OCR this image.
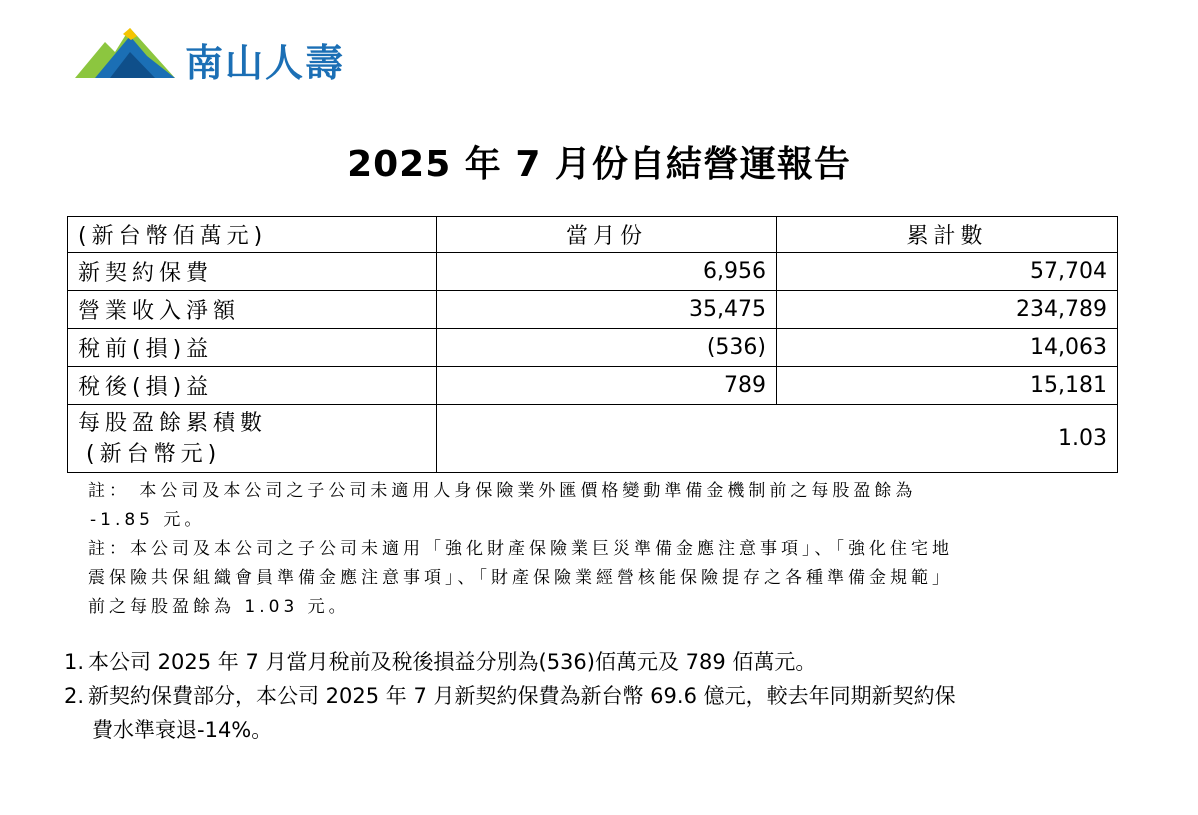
南山人壽
2025 年 7 月份自結營運報告
(新台幣佰萬元)	當月份	累計數
新契約保費	6,956	57,704
營業收入淨額	35,475	234,789
稅前(損)益	(536)	14,063
稅後(損)益	789	15,181

每股盈餘累積數
(新台幣元)	1.03	

註： 本公司及本公司之子公司未適用人身保險業外匯價格變動準備金機制前之每股盈餘為

-1.85 元。

註：本公司及本公司之子公司未適用「強化財產保險業巨災準備金應注意事項」、「強化住宅地

震保險共保組織會員準備金應注意事項」、「財產保險業經營核能保險提存之各種準備金規範」

前之每股盈餘為 1.03 元。

1. 本公司 2025 年 7 月當月稅前及稅後損益分別為(536)佰萬元及 789 佰萬元。
2. 新契約保費部分，本公司 2025 年 7 月新契約保費為新台幣 69.6 億元，較去年同期新契約保
費水準衰退-14%。
